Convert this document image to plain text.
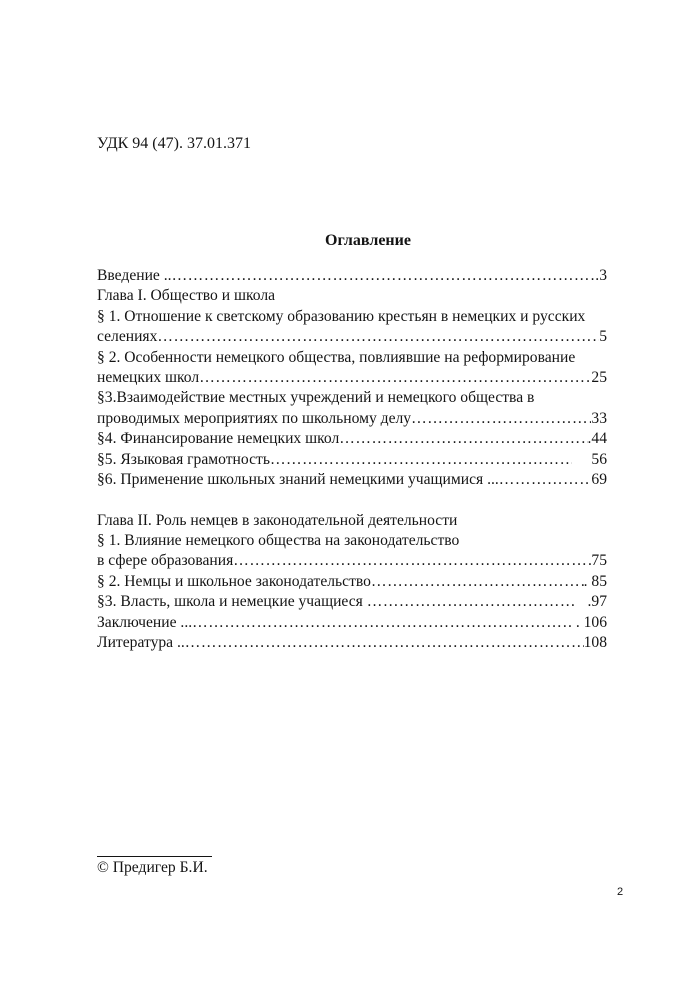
УДК 94 (47). 37.01.371
Оглавление
Введение .. …………………………………………………………………………………………………………………………………………………………………………	.3
Глава I. Общество и школа
§ 1. Отношение к светскому образованию крестьян в немецких и русских
селениях …………………………………………………………………………………………………………………………………………………………………………	5
§ 2. Особенности немецкого общества, повлиявшие на реформирование
немецких школ …………………………………………………………………………………………………………………………………………………………………………	25
§3.Взаимодействие местных учреждений и немецкого общества в
проводимых мероприятиях по школьному делу …………………………………………………………………………………………………………………………………………………………………………	33
§4. Финансирование немецких школ …………………………………………………………………………………………………………………………………………………………………………	.44
§5. Языковая грамотность …………………………………………………………………………………………………………………………………………………………………………	56
§6. Применение школьных знаний немецкими учащимися ... …………………………………………………………………………………………………………………………………………………………………………	69
Глава II. Роль немцев в законодательной деятельности
§ 1. Влияние немецкого общества на законодательство
в сфере образования …………………………………………………………………………………………………………………………………………………………………………	75
§ 2. Немцы и школьное законодательство …………………………………………………………………………………………………………………………………………………………………………	. 85
§3. Власть, школа и немецкие учащиеся …………………………………………………………………………………………………………………………………………………………………………	.97
Заключение ... …………………………………………………………………………………………………………………………………………………………………………	. . 106
Литература .. …………………………………………………………………………………………………………………………………………………………………………	108
© Предигер Б.И.
2
